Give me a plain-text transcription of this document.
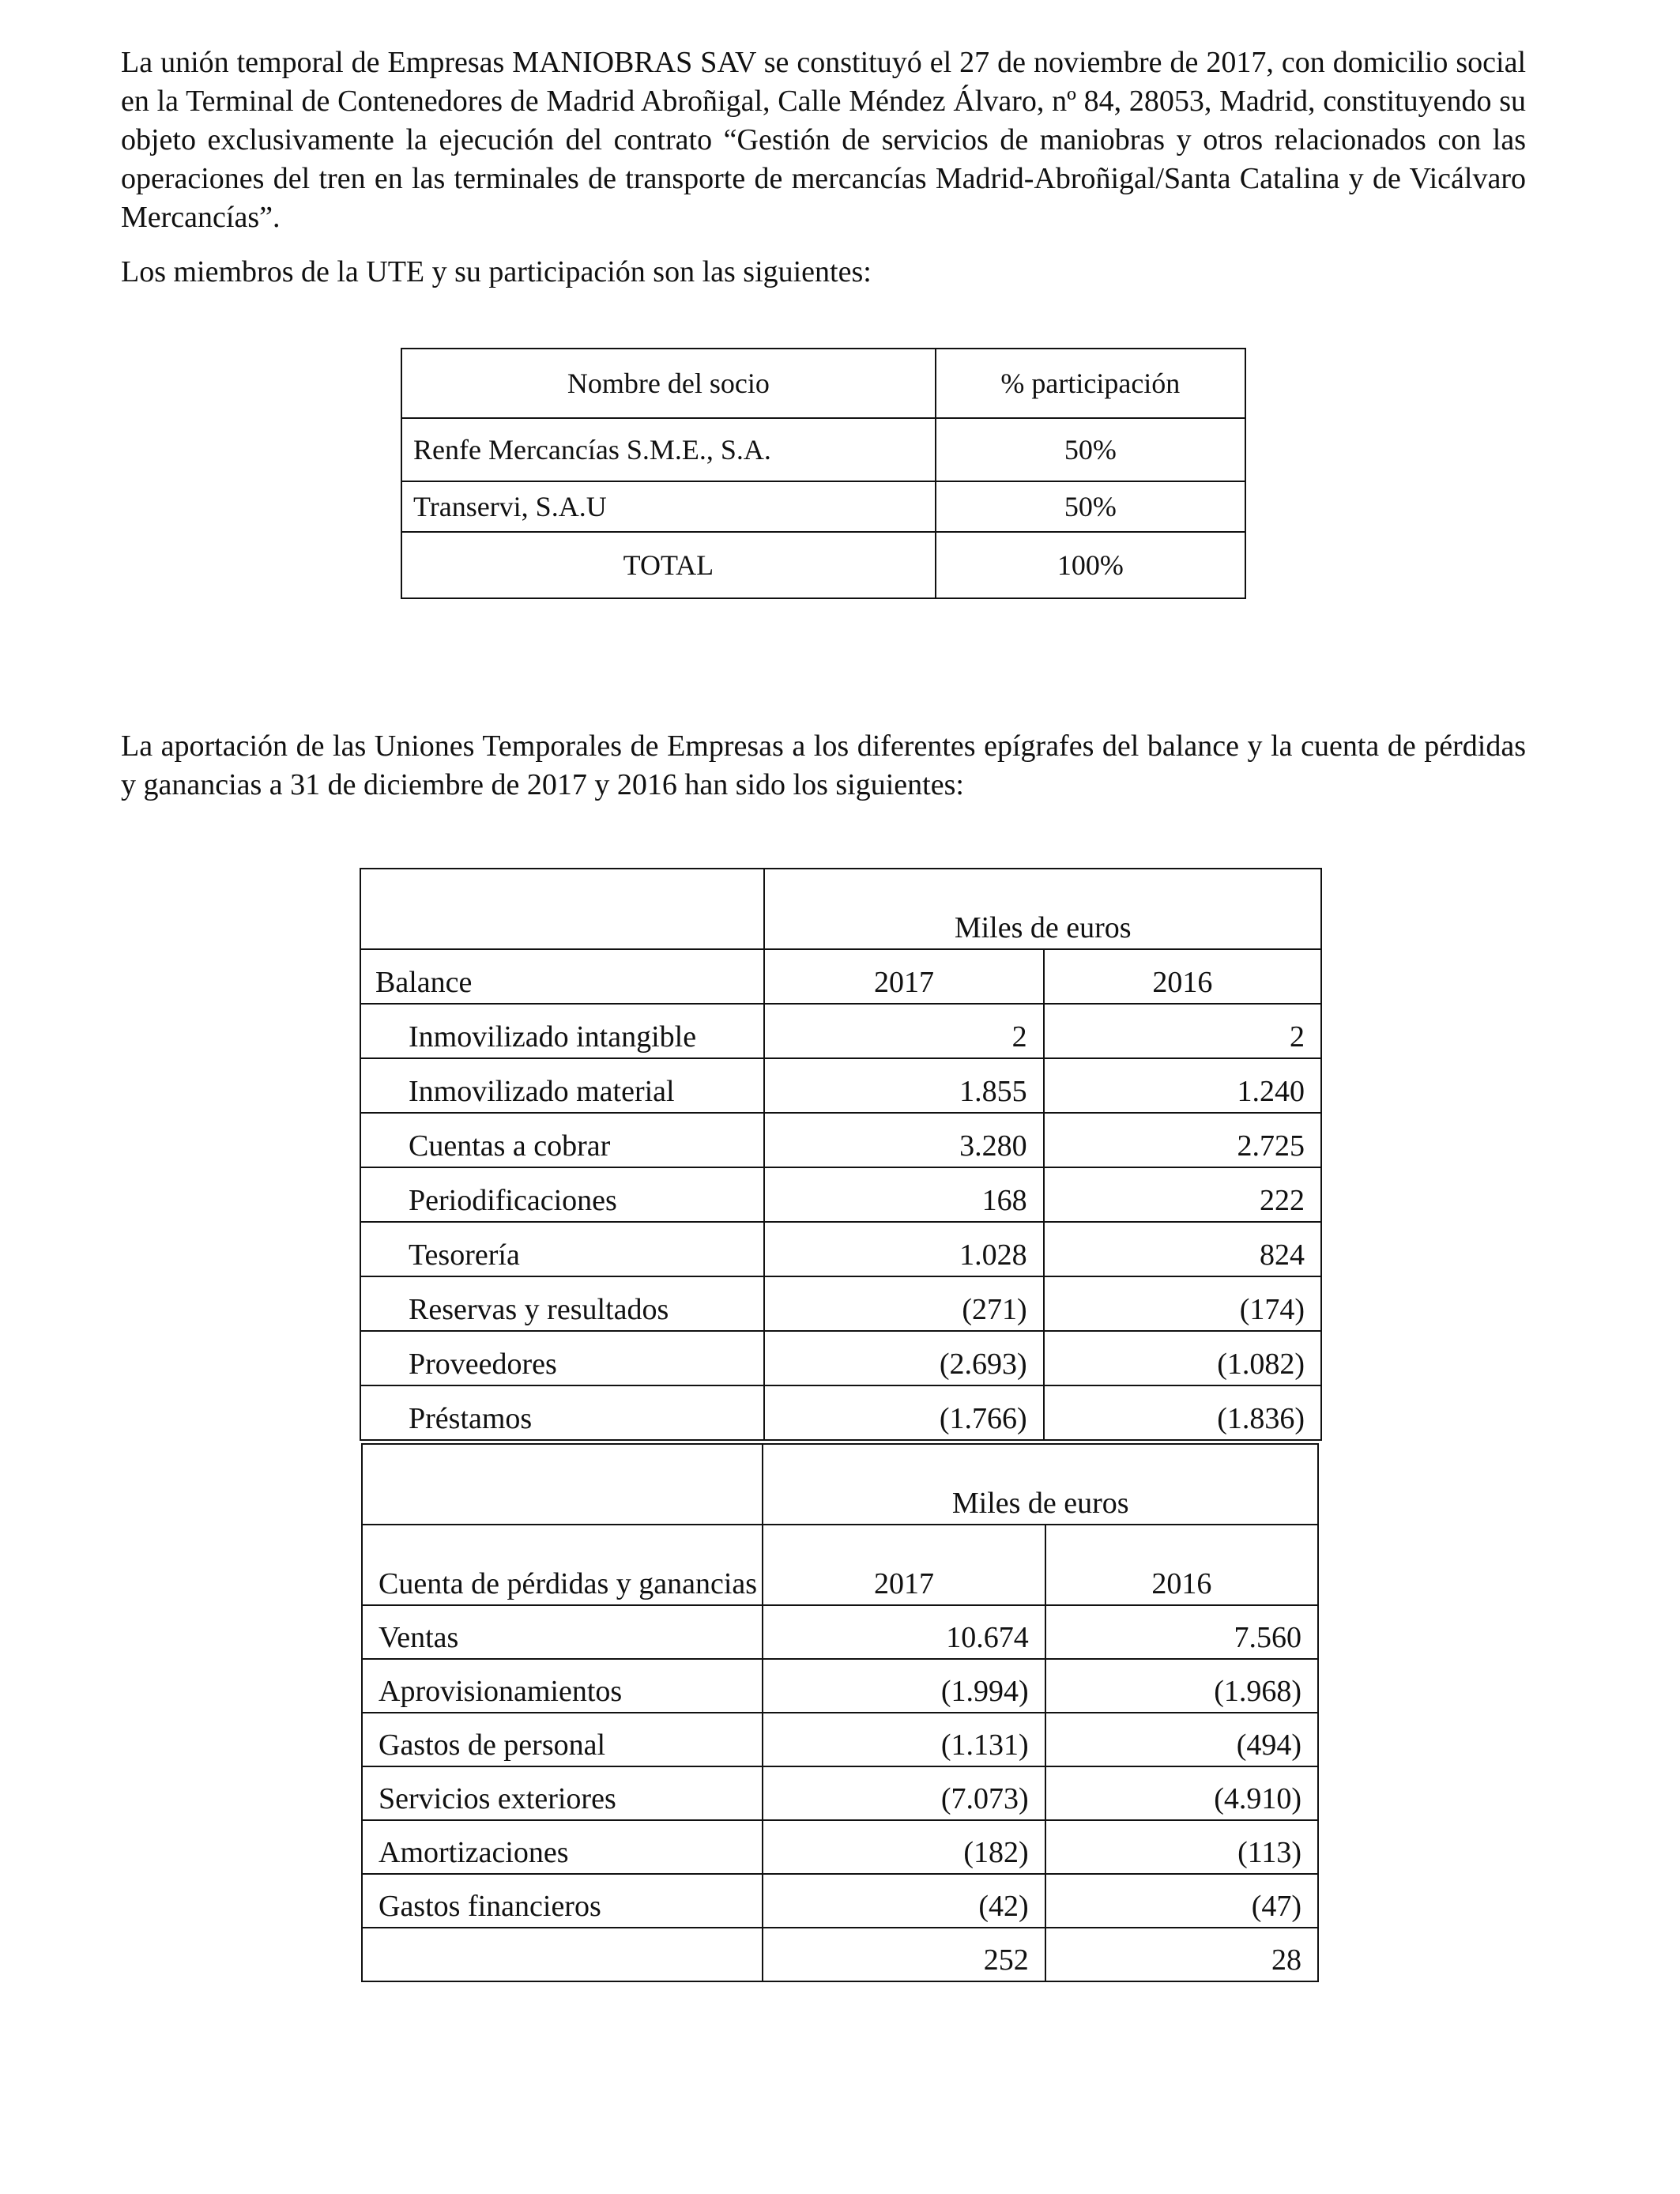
La unión temporal de Empresas MANIOBRAS SAV se constituyó el 27 de noviembre de 2017, con domicilio social en la Terminal de Contenedores de Madrid Abroñigal, Calle Méndez Álvaro, nº 84, 28053, Madrid, constituyendo su objeto exclusivamente la ejecución del contrato “Gestión de servicios de maniobras y otros relacionados con las operaciones del tren en las terminales de transporte de mercancías Madrid-Abroñigal/Santa Catalina y de Vicálvaro Mercancías”.

Los miembros de la UTE y su participación son las siguientes:

Nombre del socio	% participación
Renfe Mercancías S.M.E., S.A.	50%
Transervi, S.A.U	50%
TOTAL	100%

La aportación de las Uniones Temporales de Empresas a los diferentes epígrafes del balance y la cuenta de pérdidas y ganancias a 31 de diciembre de 2017 y 2016 han sido los siguientes:

	Miles de euros	
Balance	2017	2016
Inmovilizado intangible	2	2
Inmovilizado material	1.855	1.240
Cuentas a cobrar	3.280	2.725
Periodificaciones	168	222
Tesorería	1.028	824
Reservas y resultados	(271)	(174)
Proveedores	(2.693)	(1.082)
Préstamos	(1.766)	(1.836)
	Miles de euros	
Cuenta de pérdidas y ganancias	2017	2016
Ventas	10.674	7.560
Aprovisionamientos	(1.994)	(1.968)
Gastos de personal	(1.131)	(494)
Servicios exteriores	(7.073)	(4.910)
Amortizaciones	(182)	(113)
Gastos financieros	(42)	(47)
	252	28
